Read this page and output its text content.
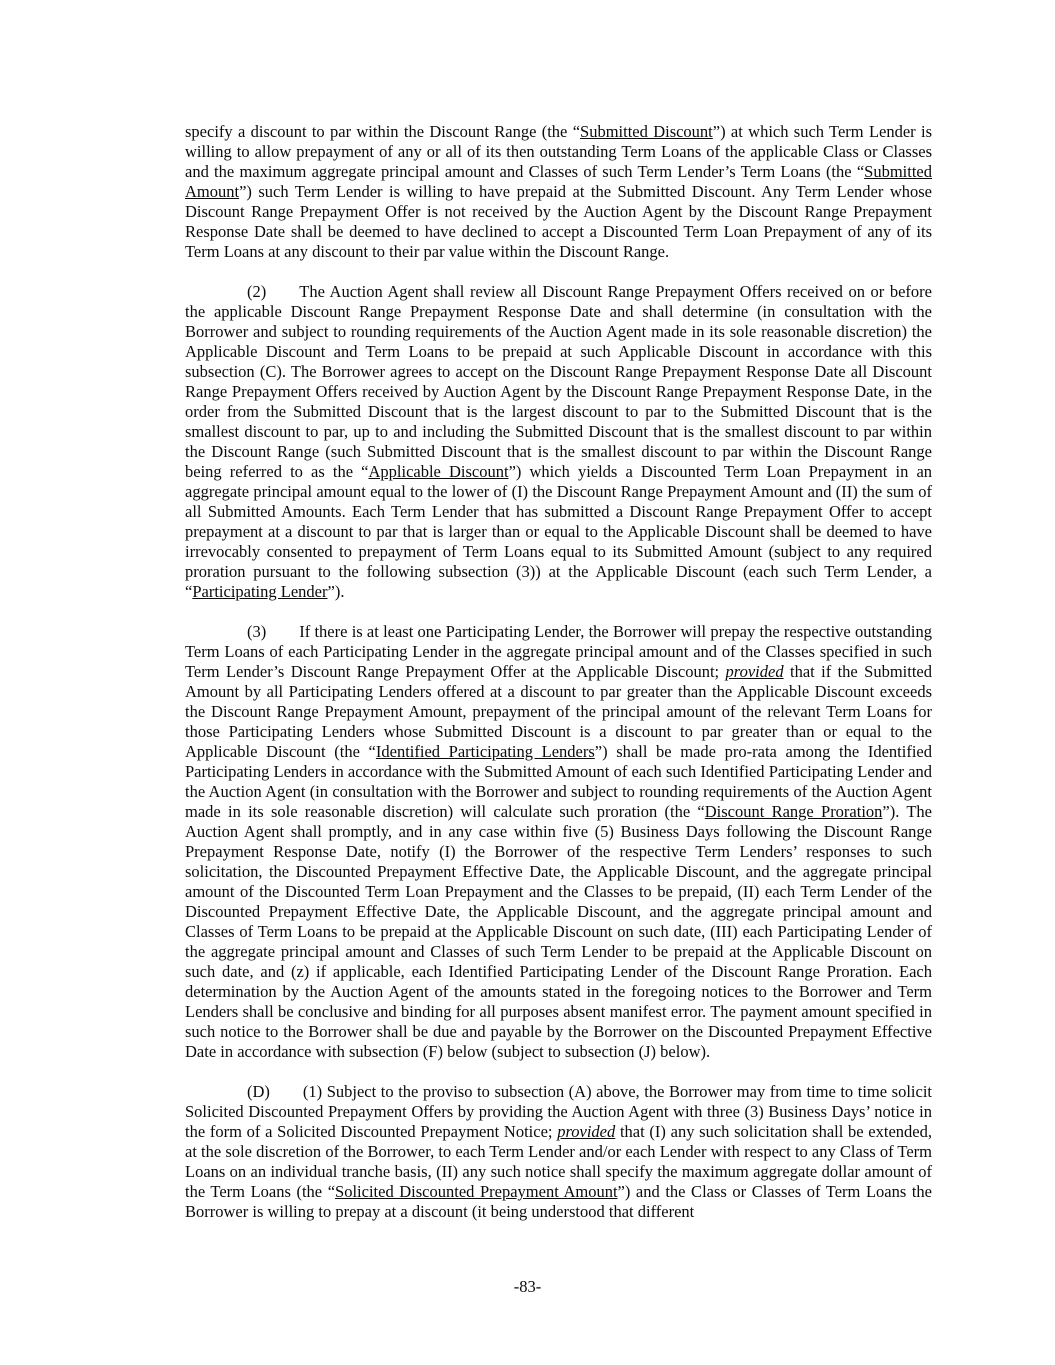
specify a discount to par within the Discount Range (the “Submitted Discount”) at which such Term Lender is willing to allow prepayment of any or all of its then outstanding Term Loans of the applicable Class or Classes and the maximum aggregate principal amount and Classes of such Term Lender’s Term Loans (the “Submitted Amount”) such Term Lender is willing to have prepaid at the Submitted Discount. Any Term Lender whose Discount Range Prepayment Offer is not received by the Auction Agent by the Discount Range Prepayment Response Date shall be deemed to have declined to accept a Discounted Term Loan Prepayment of any of its Term Loans at any discount to their par value within the Discount Range.

(2) The Auction Agent shall review all Discount Range Prepayment Offers received on or before the applicable Discount Range Prepayment Response Date and shall determine (in consultation with the Borrower and subject to rounding requirements of the Auction Agent made in its sole reasonable discretion) the Applicable Discount and Term Loans to be prepaid at such Applicable Discount in accordance with this subsection (C). The Borrower agrees to accept on the Discount Range Prepayment Response Date all Discount Range Prepayment Offers received by Auction Agent by the Discount Range Prepayment Response Date, in the order from the Submitted Discount that is the largest discount to par to the Submitted Discount that is the smallest discount to par, up to and including the Submitted Discount that is the smallest discount to par within the Discount Range (such Submitted Discount that is the smallest discount to par within the Discount Range being referred to as the “Applicable Discount”) which yields a Discounted Term Loan Prepayment in an aggregate principal amount equal to the lower of (I) the Discount Range Prepayment Amount and (II) the sum of all Submitted Amounts. Each Term Lender that has submitted a Discount Range Prepayment Offer to accept prepayment at a discount to par that is larger than or equal to the Applicable Discount shall be deemed to have irrevocably consented to prepayment of Term Loans equal to its Submitted Amount (subject to any required proration pursuant to the following subsection (3)) at the Applicable Discount (each such Term Lender, a “Participating Lender”).

(3) If there is at least one Participating Lender, the Borrower will prepay the respective outstanding Term Loans of each Participating Lender in the aggregate principal amount and of the Classes specified in such Term Lender’s Discount Range Prepayment Offer at the Applicable Discount; provided that if the Submitted Amount by all Participating Lenders offered at a discount to par greater than the Applicable Discount exceeds the Discount Range Prepayment Amount, prepayment of the principal amount of the relevant Term Loans for those Participating Lenders whose Submitted Discount is a discount to par greater than or equal to the Applicable Discount (the “Identified Participating Lenders”) shall be made pro-rata among the Identified Participating Lenders in accordance with the Submitted Amount of each such Identified Participating Lender and the Auction Agent (in consultation with the Borrower and subject to rounding requirements of the Auction Agent made in its sole reasonable discretion) will calculate such proration (the “Discount Range Proration”). The Auction Agent shall promptly, and in any case within five (5) Business Days following the Discount Range Prepayment Response Date, notify (I) the Borrower of the respective Term Lenders’ responses to such solicitation, the Discounted Prepayment Effective Date, the Applicable Discount, and the aggregate principal amount of the Discounted Term Loan Prepayment and the Classes to be prepaid, (II) each Term Lender of the Discounted Prepayment Effective Date, the Applicable Discount, and the aggregate principal amount and Classes of Term Loans to be prepaid at the Applicable Discount on such date, (III) each Participating Lender of the aggregate principal amount and Classes of such Term Lender to be prepaid at the Applicable Discount on such date, and (z) if applicable, each Identified Participating Lender of the Discount Range Proration. Each determination by the Auction Agent of the amounts stated in the foregoing notices to the Borrower and Term Lenders shall be conclusive and binding for all purposes absent manifest error. The payment amount specified in such notice to the Borrower shall be due and payable by the Borrower on the Discounted Prepayment Effective Date in accordance with subsection (F) below (subject to subsection (J) below).

(D) (1) Subject to the proviso to subsection (A) above, the Borrower may from time to time solicit Solicited Discounted Prepayment Offers by providing the Auction Agent with three (3) Business Days’ notice in the form of a Solicited Discounted Prepayment Notice; provided that (I) any such solicitation shall be extended, at the sole discretion of the Borrower, to each Term Lender and/or each Lender with respect to any Class of Term Loans on an individual tranche basis, (II) any such notice shall specify the maximum aggregate dollar amount of the Term Loans (the “Solicited Discounted Prepayment Amount”) and the Class or Classes of Term Loans the Borrower is willing to prepay at a discount (it being understood that different

-83-
